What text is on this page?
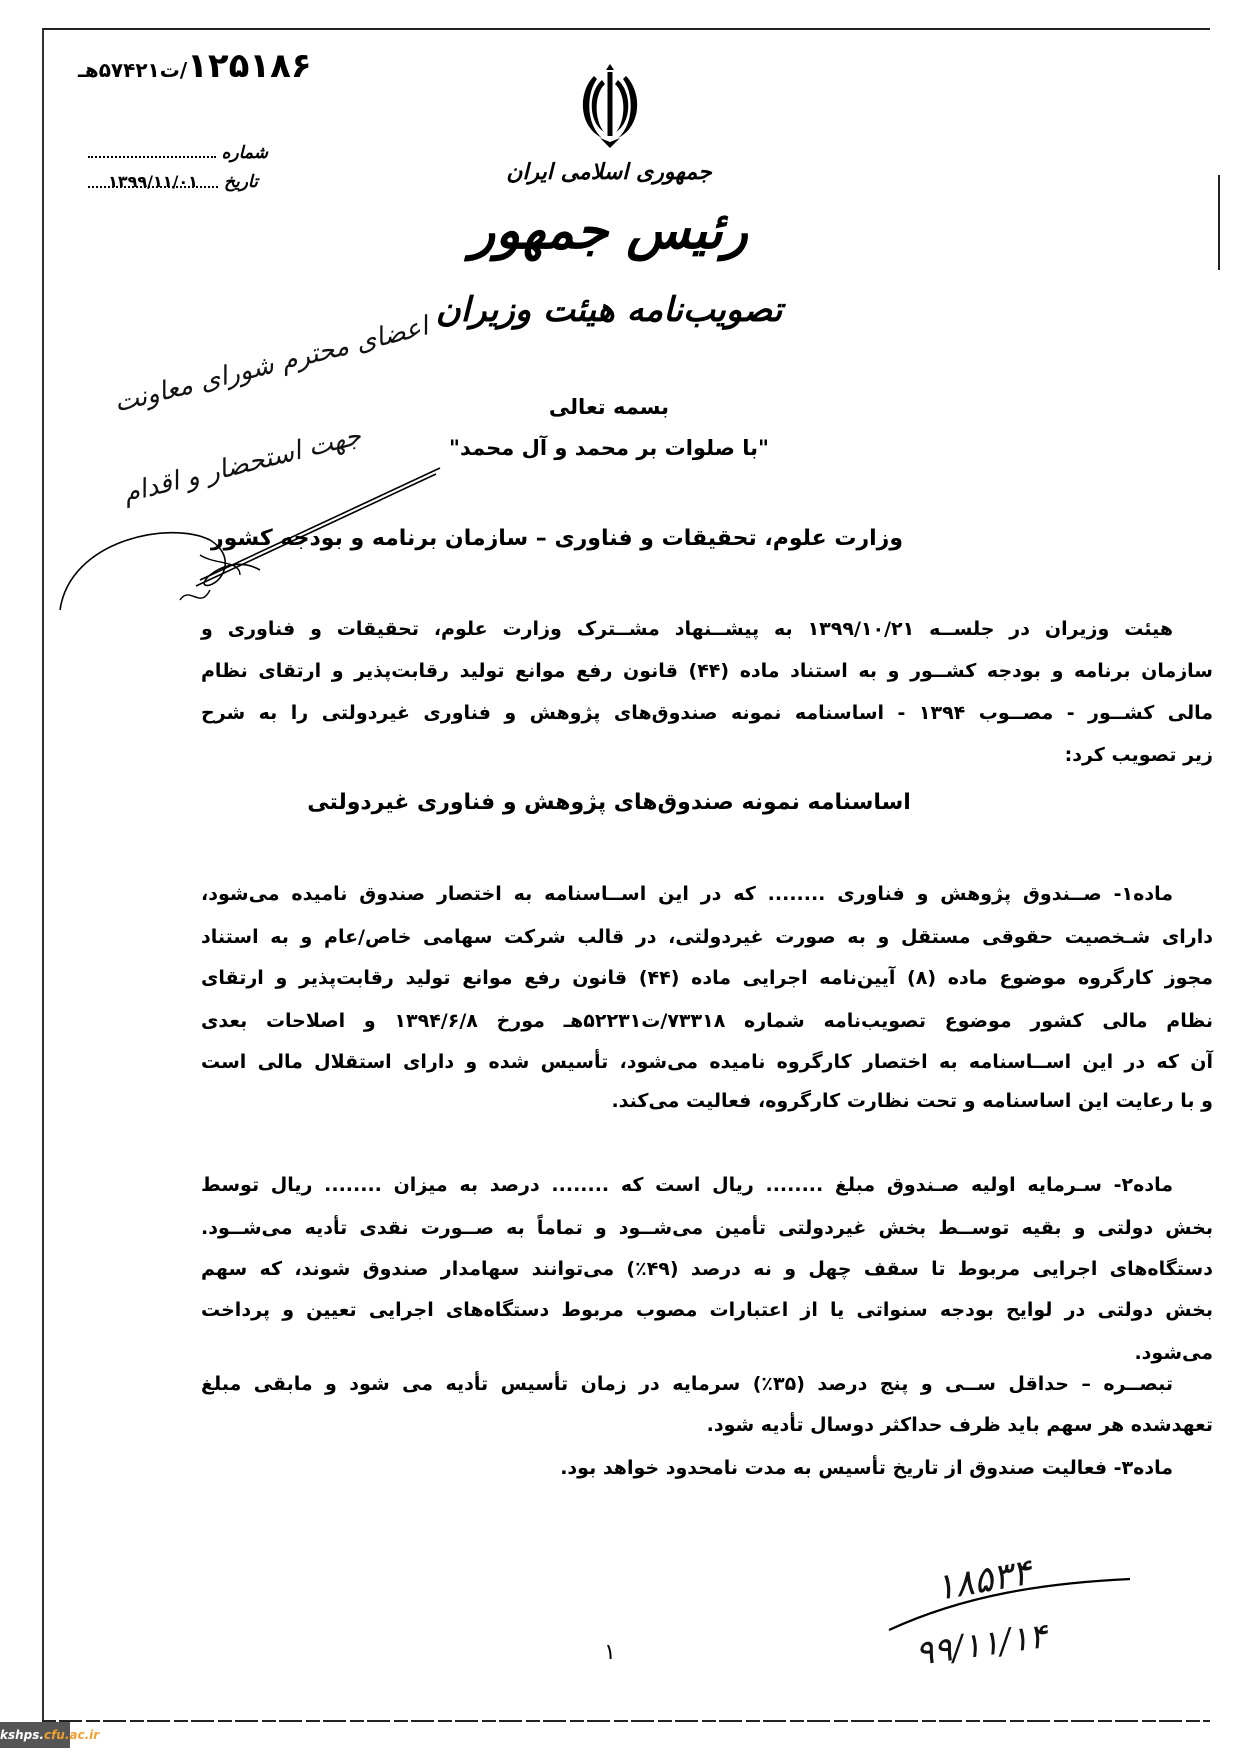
۱۲۵۱۸۶/ت۵۷۴۲۱هـ
شماره
تاریخ
۱۳۹۹/۱۱/۰۱	جمهوری اسلامی ایران
رئیس جمهور
تصویب‌نامه هیئت وزیران
بسمه تعالی
"با صلوات بر محمد و آل محمد"
وزارت علوم، تحقیقات و فناوری – سازمان برنامه و بودجه کشور
اعضای محترم شورای معاونت
جهت استحضار و اقدام
هیئت وزیران در جلســه ۱۳۹۹/۱۰/۲۱ به پیشــنهاد مشــترک وزارت علوم، تحقیقات و فناوری و
سازمان برنامه و بودجه کشــور و به استناد ماده (۴۴) قانون رفع موانع تولید رقابت‌پذیر و ارتقای نظام
مالی کشــور - مصــوب ۱۳۹۴ - اساسنامه نمونه صندوق‌های پژوهش و فناوری غیردولتی را به شرح
زیر تصویب کرد:
اساسنامه نمونه صندوق‌های پژوهش و فناوری غیردولتی
ماده۱- صــندوق پژوهش و فناوری ........ که در این اســاسنامه به اختصار صندوق نامیده می‌شود،
دارای شـخصیت حقوقی مستقل و به صورت غیردولتی، در قالب شرکت سهامی خاص/عام و به استناد
مجوز کارگروه موضوع ماده (۸) آیین‌نامه اجرایی ماده (۴۴) قانون رفع موانع تولید رقابت‌پذیر و ارتقای
نظام مالی کشور موضوع تصویب‌نامه شماره ۷۳۳۱۸/ت۵۲۲۳۱هـ مورخ ۱۳۹۴/۶/۸ و اصلاحات بعدی
آن که در این اســاسنامه به اختصار کارگروه نامیده می‌شود، تأسیس شده و دارای استقلال مالی است
و با رعایت این اساسنامه و تحت نظارت کارگروه، فعالیت می‌کند.
ماده۲- سـرمایه اولیه صـندوق مبلغ ........ ریال است که ........ درصد به میزان ........ ریال توسط
بخش دولتی و بقیه توســط بخش غیردولتی تأمین می‌شــود و تماماً به صــورت نقدی تأدیه می‌شــود.
دستگاه‌های اجرایی مربوط تا سقف چهل و نه درصد (۴۹٪) می‌توانند سهامدار صندوق شوند، که سهم
بخش دولتی در لوایح بودجه سنواتی یا از اعتبارات مصوب مربوط دستگاه‌های اجرایی تعیین و پرداخت
می‌شود.
تبصــره – حداقل ســی و پنج درصد (۳۵٪) سرمایه در زمان تأسیس تأدیه می شود و مابقی مبلغ
تعهدشده هر سهم باید ظرف حداکثر دوسال تأدیه شود.
ماده۳- فعالیت صندوق از تاریخ تأسیس به مدت نامحدود خواهد بود.
۱۸۵۳۴
۹۹/۱۱/۱۴
۱
kshps.cfu.ac.ir
